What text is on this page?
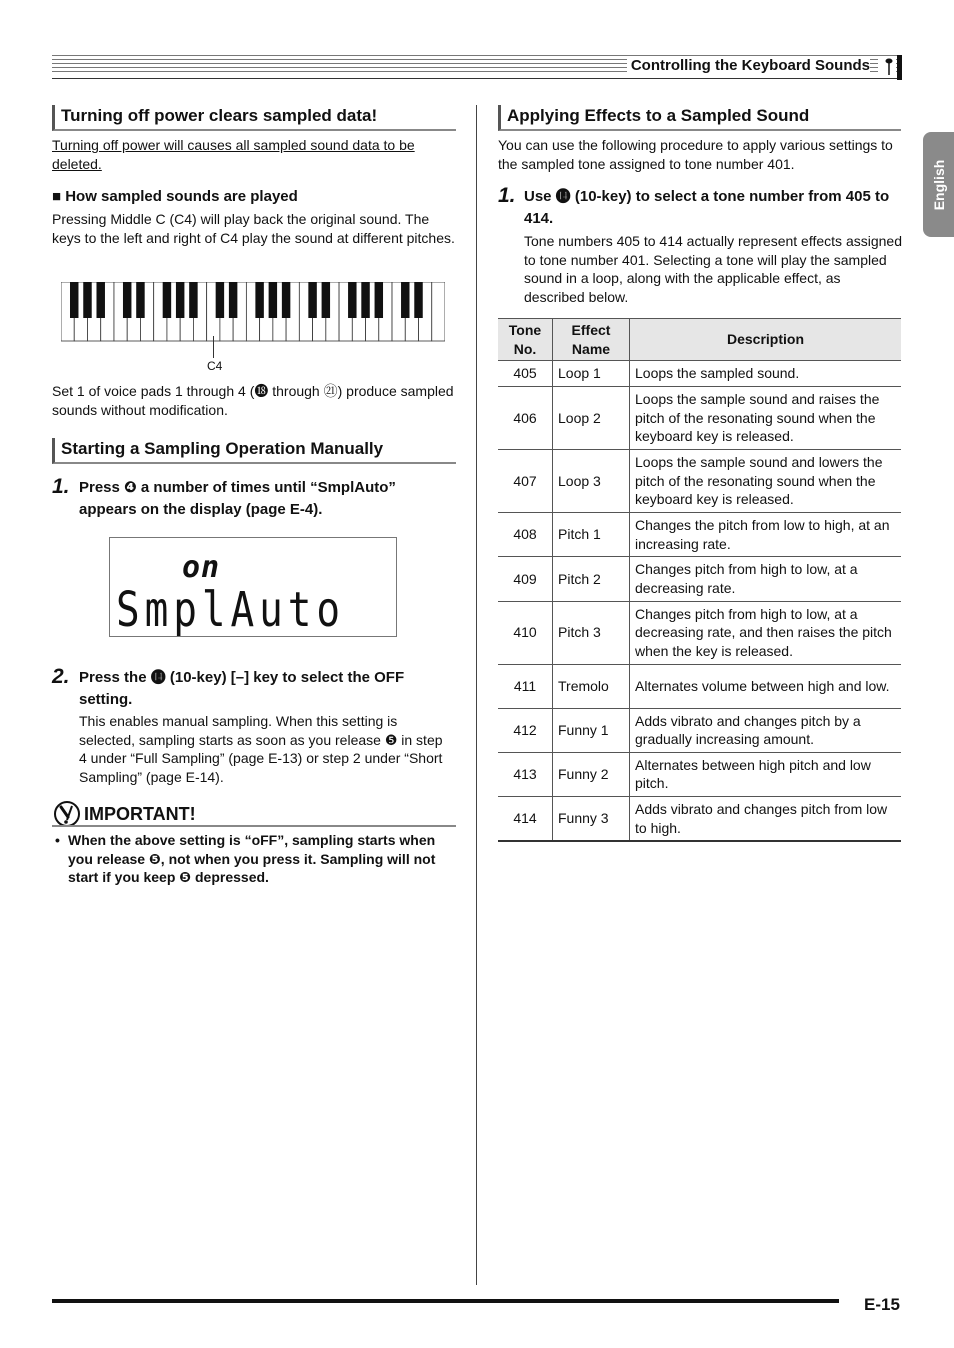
Controlling the Keyboard Sounds
English
Turning off power clears sampled data!
Turning off power will causes all sampled sound data to be deleted.
■ How sampled sounds are played
Pressing Middle C (C4) will play back the original sound. The keys to the left and right of C4 play the sound at different pitches.
C4
Set 1 of voice pads 1 through 4 (⓲ through ㉑) produce sampled sounds without modification.
Starting a Sampling Operation Manually
1. Press ❹ a number of times until “SmplAuto” appears on the display (page E-4).
on
SmplAuto
2. Press the ⓮ (10-key) [–] key to select the OFF setting.
This enables manual sampling. When this setting is selected, sampling starts as soon as you release ❺ in step 4 under “Full Sampling” (page E-13) or step 2 under “Short Sampling” (page E-14).
IMPORTANT!
• When the above setting is “oFF”, sampling starts when you release ❺, not when you press it. Sampling will not start if you keep ❺ depressed.
Applying Effects to a Sampled Sound
You can use the following procedure to apply various settings to the sampled tone assigned to tone number 401.
1. Use ⓮ (10-key) to select a tone number from 405 to 414.
Tone numbers 405 to 414 actually represent effects assigned to tone number 401. Selecting a tone will play the sampled sound in a loop, along with the applicable effect, as described below.
Tone No.	Effect Name	Description
405	Loop 1	Loops the sampled sound.
406	Loop 2	Loops the sample sound and raises the pitch of the resonating sound when the keyboard key is released.
407	Loop 3	Loops the sample sound and lowers the pitch of the resonating sound when the keyboard key is released.
408	Pitch 1	Changes the pitch from low to high, at an increasing rate.
409	Pitch 2	Changes pitch from high to low, at a decreasing rate.
410	Pitch 3	Changes pitch from high to low, at a decreasing rate, and then raises the pitch when the key is released.
411	Tremolo	Alternates volume between high and low.
412	Funny 1	Adds vibrato and changes pitch by a gradually increasing amount.
413	Funny 2	Alternates between high pitch and low pitch.
414	Funny 3	Adds vibrato and changes pitch from low to high.
E-15
